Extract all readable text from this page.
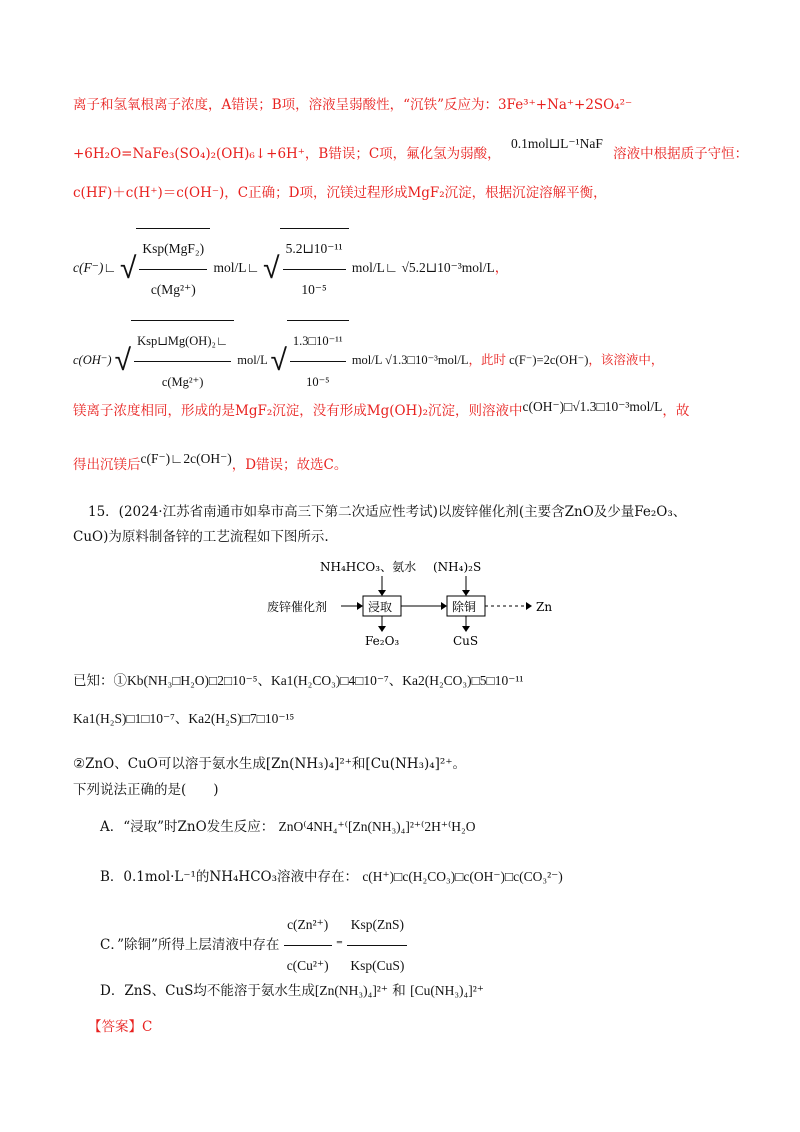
离子和氢氧根离子浓度，A错误；B项，溶液呈弱酸性，“沉铁”反应为：3Fe³⁺+Na⁺+2SO₄²⁻
+6H₂O=NaFe₃(SO₄)₂(OH)₆↓+6H⁺，B错误；C项，氟化氢为弱酸， 0.1mol⊔L⁻¹NaF 溶液中根据质子守恒：
c(HF)＋c(H⁺)＝c(OH⁻)，C正确；D项，沉镁过程形成MgF₂沉淀，根据沉淀溶解平衡，
c(F⁻)∟ √ $\frac{\text{Ksp(MgF₂)}}{\text{c(Mg²⁺)}}$ mol/L∟ √ $\frac{\text{5.2⊔10⁻¹¹}}{\text{10⁻⁵}}$ mol/L∟ √5.2⊔10⁻³mol/L，
c(OH⁻) √ $\frac{\text{Ksp⊔Mg(OH)₂∟}}{\text{c(Mg²⁺)}} mol/L$ √ $\frac{\text{1.3□10⁻¹¹}}{\text{10⁻⁵}} mol/L$ √1.3□10⁻³mol/L，此时 c(F⁻)=2c(OH⁻)，该溶液中，
镁离子浓度相同，形成的是MgF₂沉淀，没有形成Mg(OH)₂沉淀，则溶液中c(OH⁻)□√1.3□10⁻³mol/L，故
得出沉镁后c(F⁻)∟2c(OH⁻)，D错误；故选C。
15．(2024·江苏省南通市如皋市高三下第二次适应性考试)以废锌催化剂(主要含ZnO及少量Fe₂O₃、
CuO)为原料制备锌的工艺流程如下图所示.
NH₄HCO₃、氨水 (NH₄)₂S
废锌催化剂	浸取	除铜	Zn
Fe₂O₃	CuS
已知：①Kb(NH₃□H₂O)□2□10⁻⁵、Ka1(H₂CO₃)□4□10⁻⁷、Ka2(H₂CO₃)□5□10⁻¹¹
Ka1(H₂S)□1□10⁻⁷、Ka2(H₂S)□7□10⁻¹⁵
②ZnO、CuO可以溶于氨水生成[Zn(NH₃)₄]²⁺和[Cu(NH₃)₄]²⁺。
下列说法正确的是(　　)
A．“浸取”时ZnO发生反应： ZnO⁽4NH₄⁺⁽[Zn(NH₃)₄]²⁺⁽2H⁺⁽H₂O
B．0.1mol·L⁻¹的NH₄HCO₃溶液中存在： c(H⁺)□c(H₂CO₃)□c(OH⁻)□c(CO₃²⁻)
C．”除铜”所得上层清液中存在 $\frac{\text{c(Zn²⁺)}}{\text{c(Cu²⁺)}}$ ⁼ $\frac{\text{Ksp(ZnS)}}{\text{Ksp(CuS)}}$
D．ZnS、CuS均不能溶于氨水生成[Zn(NH₃)₄]²⁺ 和 [Cu(NH₃)₄]²⁺
【答案】C
